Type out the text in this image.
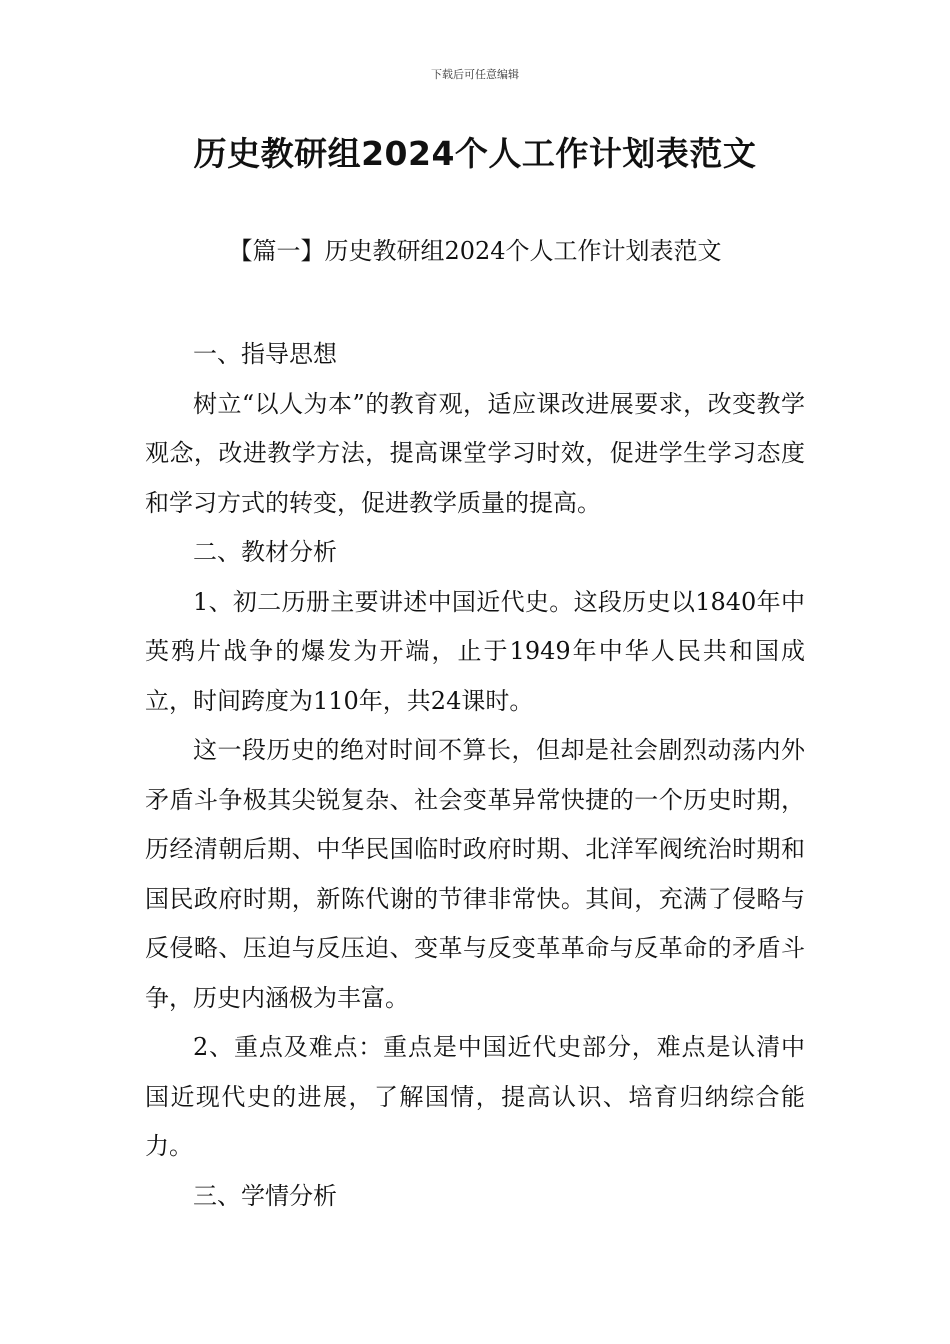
下载后可任意编辑
历史教研组2024个人工作计划表范文
【篇一】历史教研组2024个人工作计划表范文

一、指导思想

树立“以人为本”的教育观，适应课改进展要求，改变教学观念，改进教学方法，提高课堂学习时效，促进学生学习态度和学习方式的转变，促进教学质量的提高。

二、教材分析

1、初二历册主要讲述中国近代史。这段历史以1840年中英鸦片战争的爆发为开端，止于1949年中华人民共和国成立，时间跨度为110年，共24课时。

这一段历史的绝对时间不算长，但却是社会剧烈动荡内外矛盾斗争极其尖锐复杂、社会变革异常快捷的一个历史时期，历经清朝后期、中华民国临时政府时期、北洋军阀统治时期和国民政府时期，新陈代谢的节律非常快。其间，充满了侵略与反侵略、压迫与反压迫、变革与反变革革命与反革命的矛盾斗争，历史内涵极为丰富。

2、重点及难点：重点是中国近代史部分，难点是认清中国近现代史的进展，了解国情，提高认识、培育归纳综合能力。

三、学情分析
